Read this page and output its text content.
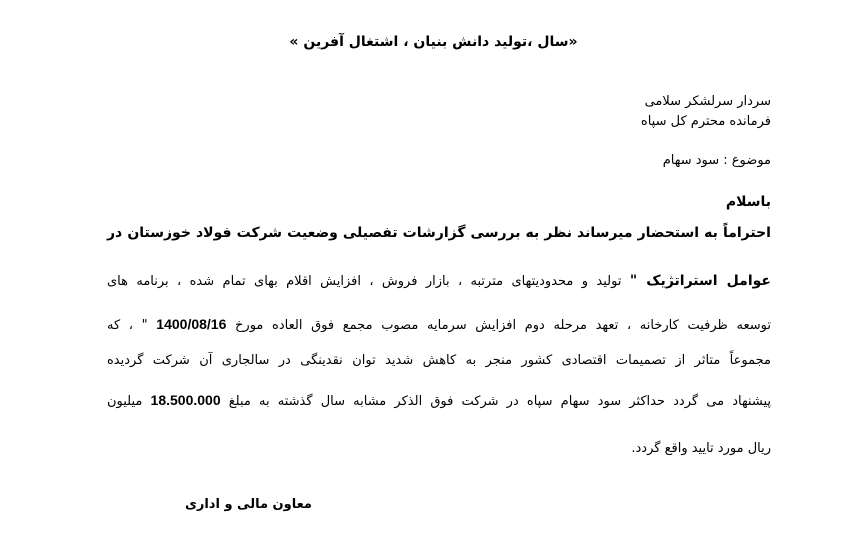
«سال ،تولید دانش بنیان ، اشتغال آفرین »
سردار سرلشکر سلامی
فرمانده محترم کل سپاه
موضوع : سود سهام
باسلام
احتراماً به استحضار میرساند نظر به بررسی گزارشات تفصیلی وضعیت شرکت فولاد خوزستان در
عوامل استراتژیک " تولید و محدودیتهای مترتبه ، بازار فروش ، افزایش اقلام بهای تمام شده ، برنامه های
توسعه ظرفیت کارخانه ، تعهد مرحله دوم افزایش سرمایه مصوب مجمع فوق العاده مورخ 1400/08/16 " ، که
مجموعاً متاثر از تصمیمات اقتصادی کشور منجر به کاهش شدید توان نقدینگی در سالجاری آن شرکت گردیده
پیشنهاد می گردد حداکثر سود سهام سپاه در شرکت فوق الذکر مشابه سال گذشته به مبلغ 18.500.000 میلیون
ریال مورد تایید واقع گردد.
معاون مالی و اداری
